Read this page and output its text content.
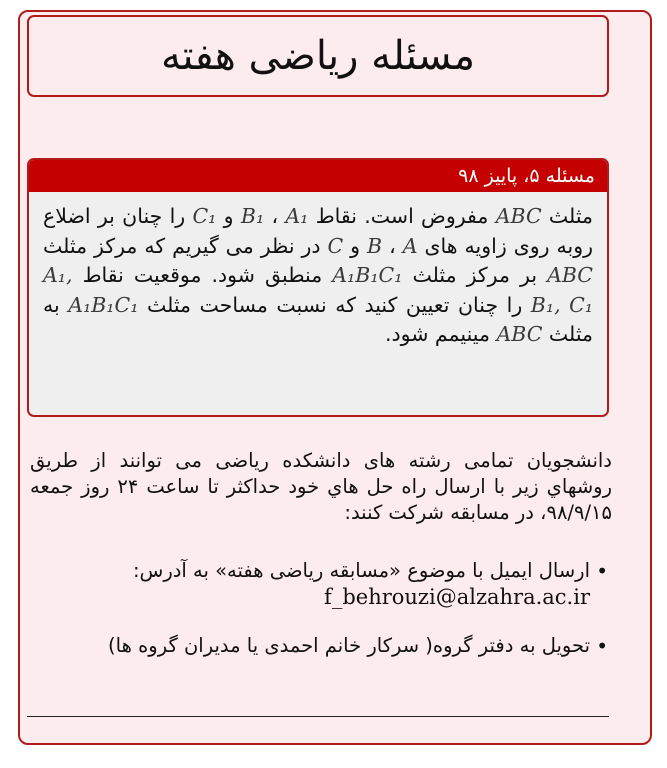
مسئله ریاضی هفته
مسئله ۵، پاییز ۹۸

مثلث ABC مفروض است. نقاط A₁ ، B₁ و C₁ را چنان بر اضلاع روبه روی زاویه های A ، B و C در نظر می گیریم که مرکز مثلث ABC بر مرکز مثلث A₁B₁C₁ منطبق شود. موقعیت نقاط A₁, B₁, C₁ را چنان تعیین کنید که نسبت مساحت مثلث A₁B₁C₁ به مثلث ABC مینیمم شود.

دانشجویان تمامی رشته های دانشکده ریاضی می توانند از طریق روشهاي زیر با ارسال راه حل هاي خود حداکثر تا ساعت ۲۴ روز جمعه ۹۸/۹/۱۵، در مسابقه شرکت کنند:

• ارسال ایمیل با موضوع «مسابقه ریاضی هفته» به آدرس:
f_behrouzi@alzahra.ac.ir
• تحویل به دفتر گروه( سرکار خانم احمدی یا مدیران گروه ها)
